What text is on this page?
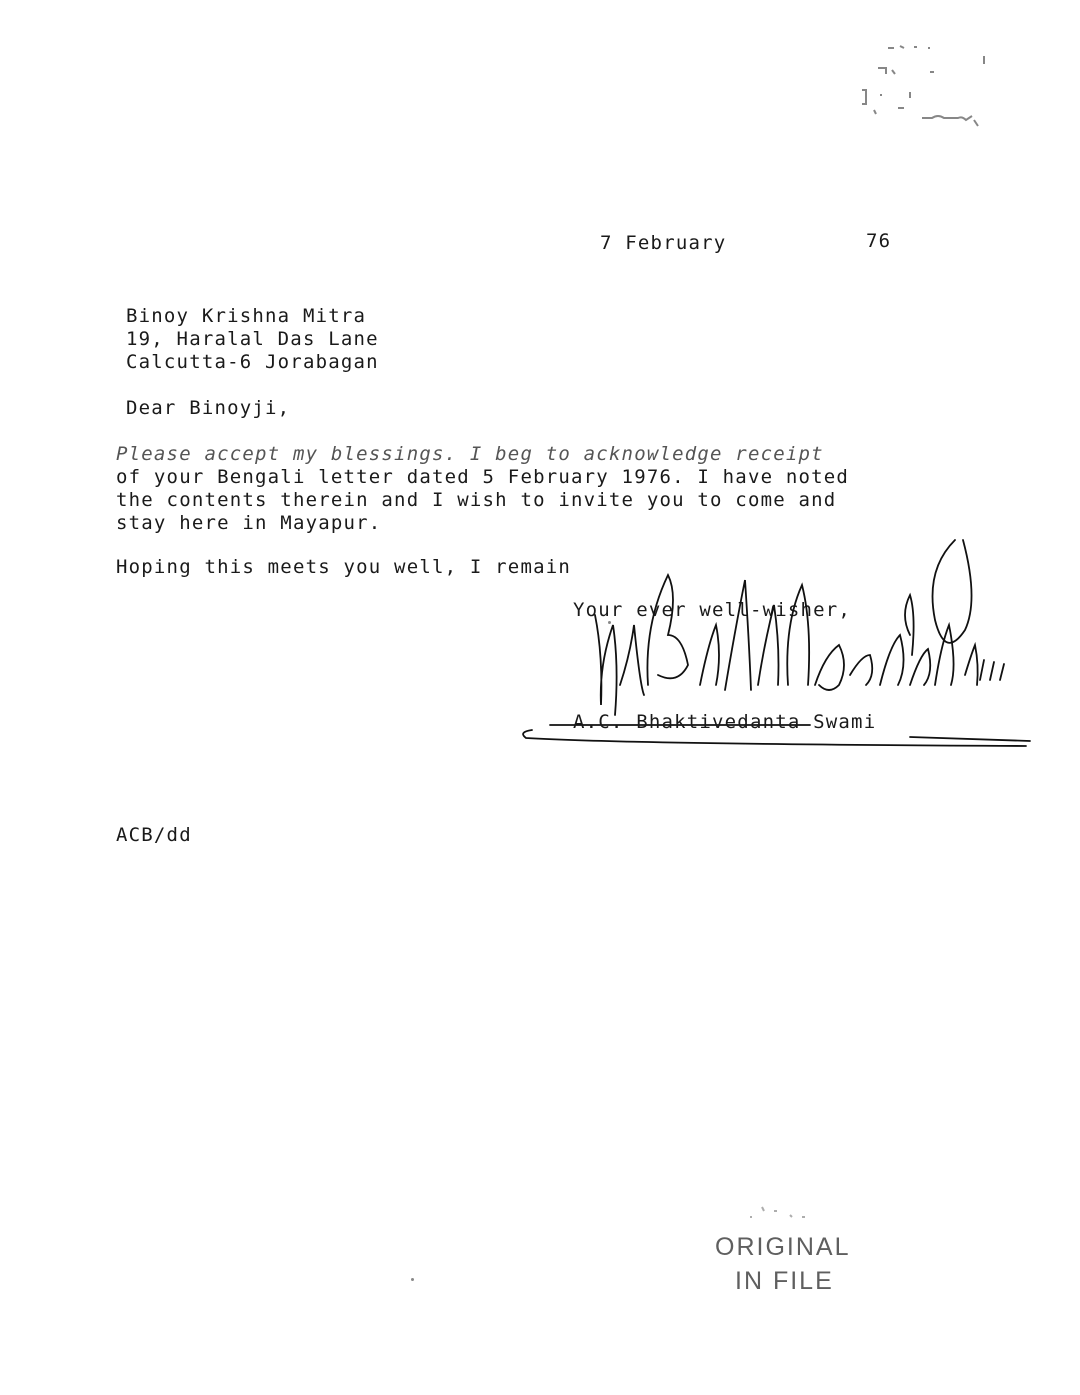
7 February	76
Binoy Krishna Mitra
19, Haralal Das Lane
Calcutta-6 Jorabagan
Dear Binoyji,
Please accept my blessings. I beg to acknowledge receipt
of your Bengali letter dated 5 February 1976. I have noted
the contents therein and I wish to invite you to come and
stay here in Mayapur.
Hoping this meets you well, I remain
Your ever well-wisher,
A.C. Bhaktivedanta Swami
ACB/dd
ORIGINAL
IN FILE
